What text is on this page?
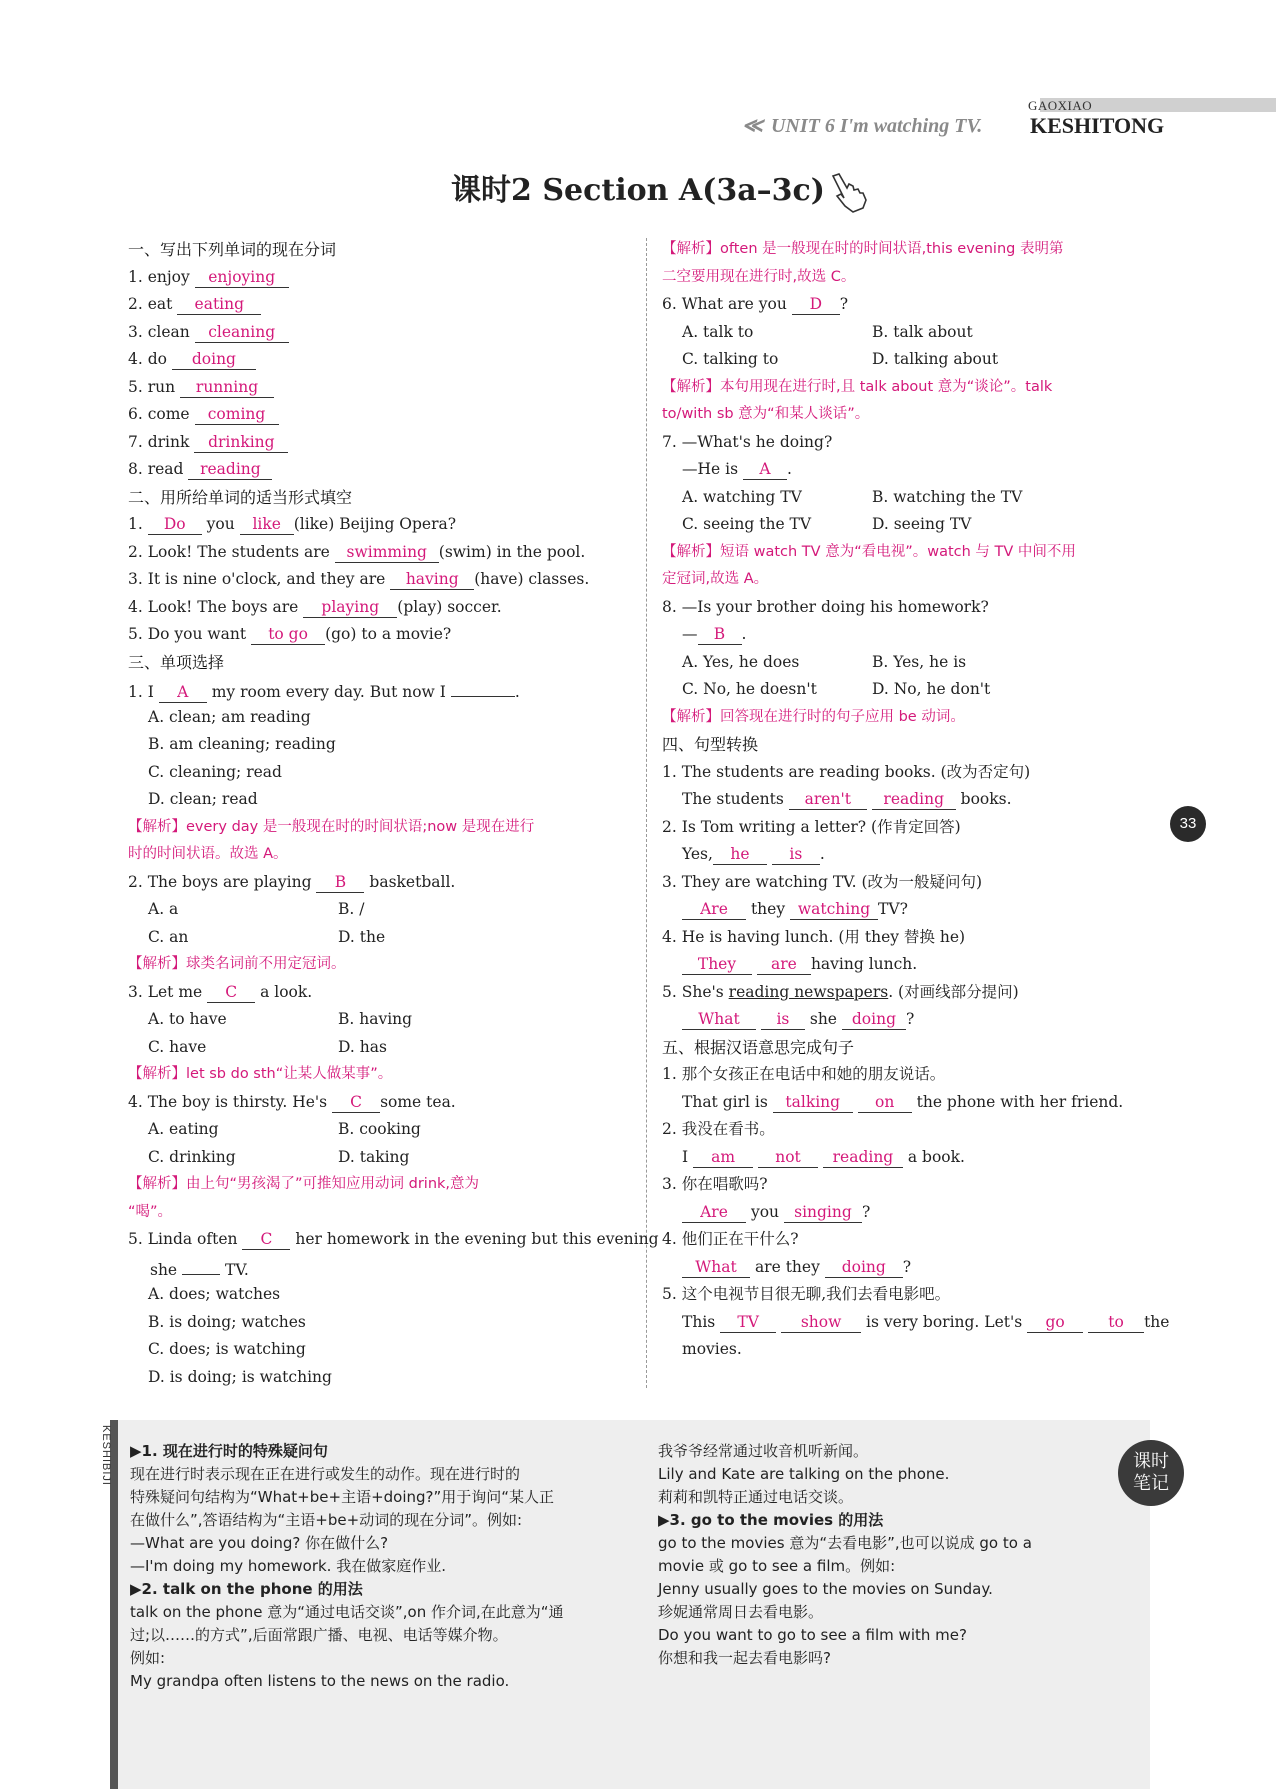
GAOXIAO
≪ UNIT 6 I'm watching TV. KESHITONG
课时2 Section A(3a–3c)
一、写出下列单词的现在分词
1. enjoy enjoying
2. eat eating
3. clean cleaning
4. do doing
5. run running
6. come coming
7. drink drinking
8. read reading
二、用所给单词的适当形式填空
1. Do you like (like) Beijing Opera?
2. Look! The students are swimming (swim) in the pool.
3. It is nine o'clock, and they are having (have) classes.
4. Look! The boys are playing (play) soccer.
5. Do you want to go (go) to a movie?
三、单项选择
1. I A my room every day. But now I	.
A. clean; am reading
B. am cleaning; reading
C. cleaning; read
D. clean; read
【解析】every day 是一般现在时的时间状语;now 是现在进行
时的时间状语。故选 A。
2. The boys are playing B basketball.
A. a	B. /
C. an	D. the
【解析】球类名词前不用定冠词。
3. Let me C a look.
A. to have	B. having
C. have	D. has
【解析】let sb do sth“让某人做某事”。
4. The boy is thirsty. He's C some tea.
A. eating	B. cooking
C. drinking	D. taking
【解析】由上句“男孩渴了”可推知应用动词 drink,意为
“喝”。
5. Linda often C her homework in the evening but this evening
she	TV.
A. does; watches
B. is doing; watches
C. does; is watching
D. is doing; is watching
【解析】often 是一般现在时的时间状语,this evening 表明第
二空要用现在进行时,故选 C。
6. What are you D ?
A. talk to	B. talk about
C. talking to	D. talking about
【解析】本句用现在进行时,且 talk about 意为“谈论”。talk
to/with sb 意为“和某人谈话”。
7. —What's he doing?
—He is A .
A. watching TV	B. watching the TV
C. seeing the TV	D. seeing TV
【解析】短语 watch TV 意为“看电视”。watch 与 TV 中间不用
定冠词,故选 A。
8. —Is your brother doing his homework?
— B .
A. Yes, he does	B. Yes, he is
C. No, he doesn't	D. No, he don't
【解析】回答现在进行时的句子应用 be 动词。
四、句型转换
1. The students are reading books. (改为否定句)
The students aren't reading books.
2. Is Tom writing a letter? (作肯定回答)
Yes, he	is .
3. They are watching TV. (改为一般疑问句)
Are they watching TV?
4. He is having lunch. (用 they 替换 he)
They are having lunch.
5. She's reading newspapers. (对画线部分提问)
What is she doing ?
五、根据汉语意思完成句子
1. 那个女孩正在电话中和她的朋友说话。
That girl is talking on the phone with her friend.
2. 我没在看书。
I am	not reading a book.
3. 你在唱歌吗?
Are you singing ?
4. 他们正在干什么?
What are they doing ?
5. 这个电视节目很无聊,我们去看电影吧。
This TV	show is very boring. Let's go	to the
movies.
33
KESHIBIJI	课时
笔记
▶1. 现在进行时的特殊疑问句
现在进行时表示现在正在进行或发生的动作。现在进行时的
特殊疑问句结构为“What+be+主语+doing?”用于询问“某人正
在做什么”,答语结构为“主语+be+动词的现在分词”。例如:
—What are you doing? 你在做什么?
—I'm doing my homework. 我在做家庭作业.
▶2. talk on the phone 的用法
talk on the phone 意为“通过电话交谈”,on 作介词,在此意为“通
过;以……的方式”,后面常跟广播、电视、电话等媒介物。
例如:
My grandpa often listens to the news on the radio.
我爷爷经常通过收音机听新闻。
Lily and Kate are talking on the phone.
莉莉和凯特正通过电话交谈。
▶3. go to the movies 的用法
go to the movies 意为“去看电影”,也可以说成 go to a
movie 或 go to see a film。例如:
Jenny usually goes to the movies on Sunday.
珍妮通常周日去看电影。
Do you want to go to see a film with me?
你想和我一起去看电影吗?
